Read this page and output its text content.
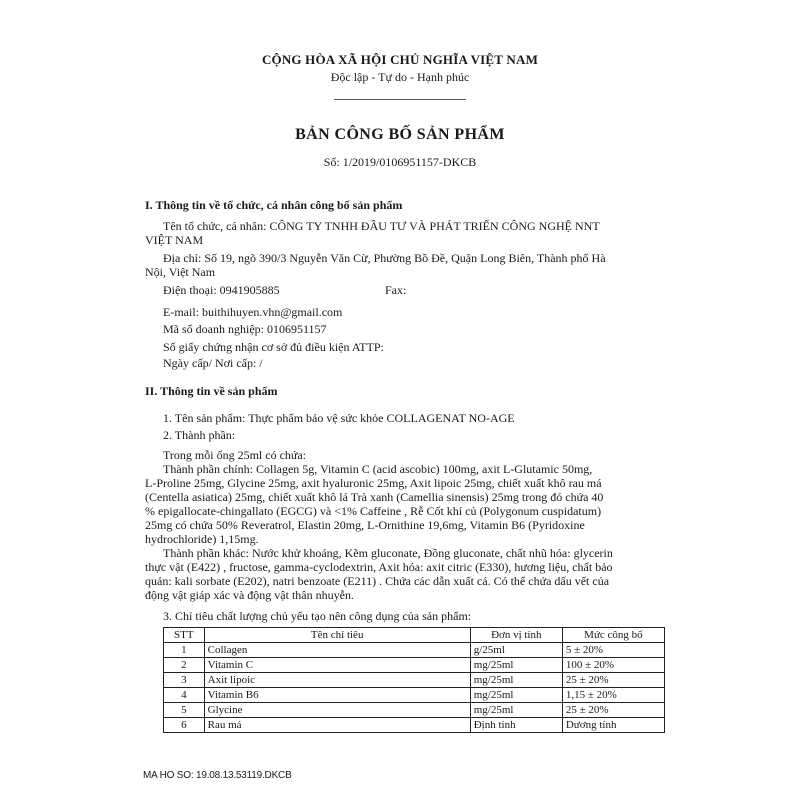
CỘNG HÒA XÃ HỘI CHỦ NGHĨA VIỆT NAM
Độc lập - Tự do - Hạnh phúc
BẢN CÔNG BỐ SẢN PHẨM
Số: 1/2019/0106951157-DKCB
I. Thông tin về tổ chức, cá nhân công bố sản phẩm
Tên tổ chức, cá nhân: CÔNG TY TNHH ĐẦU TƯ VÀ PHÁT TRIỂN CÔNG NGHỆ NNT
VIỆT NAM
Địa chỉ: Số 19, ngõ 390/3 Nguyễn Văn Cừ, Phường Bồ Đề, Quận Long Biên, Thành phố Hà
Nội, Việt Nam
Điện thoại: 0941905885	Fax:
E-mail: buithihuyen.vhn@gmail.com
Mã số doanh nghiệp: 0106951157
Số giấy chứng nhận cơ sở đủ điều kiện ATTP:
Ngày cấp/ Nơi cấp: /
II. Thông tin về sản phẩm
1. Tên sản phẩm: Thực phẩm bảo vệ sức khỏe COLLAGENAT NO-AGE
2. Thành phần:
Trong mỗi ống 25ml có chứa:
Thành phần chính: Collagen 5g, Vitamin C (acid ascobic) 100mg, axit L-Glutamic 50mg,
L-Proline 25mg, Glycine 25mg, axit hyaluronic 25mg, Axit lipoic 25mg, chiết xuất khô rau má
(Centella asiatica) 25mg, chiết xuất khô lá Trà xanh (Camellia sinensis) 25mg trong đó chứa 40
% epigallocate-chingallato (EGCG) và <1% Caffeine , Rễ Cốt khí củ (Polygonum cuspidatum)
25mg có chứa 50% Reveratrol, Elastin 20mg, L-Ornithine 19,6mg, Vitamin B6 (Pyridoxine
hydrochloride) 1,15mg.
Thành phần khác: Nước khử khoáng, Kẽm gluconate, Đồng gluconate, chất nhũ hóa: glycerin
thực vật (E422) , fructose, gamma-cyclodextrin, Axit hóa: axit citric (E330), hương liệu, chất bảo
quản: kali sorbate (E202), natri benzoate (E211) . Chứa các dẫn xuất cá. Có thể chứa dấu vết của
động vật giáp xác và động vật thân nhuyễn.
3. Chỉ tiêu chất lượng chủ yếu tạo nên công dụng của sản phẩm:
STT	Tên chỉ tiêu	Đơn vị tính	Mức công bố
1	Collagen	g/25ml	5 ± 20%
2	Vitamin C	mg/25ml	100 ± 20%
3	Axit lipoic	mg/25ml	25 ± 20%
4	Vitamin B6	mg/25ml	1,15 ± 20%
5	Glycine	mg/25ml	25 ± 20%
6	Rau má	Định tính	Dương tính
MA HO SO: 19.08.13.53119.DKCB
